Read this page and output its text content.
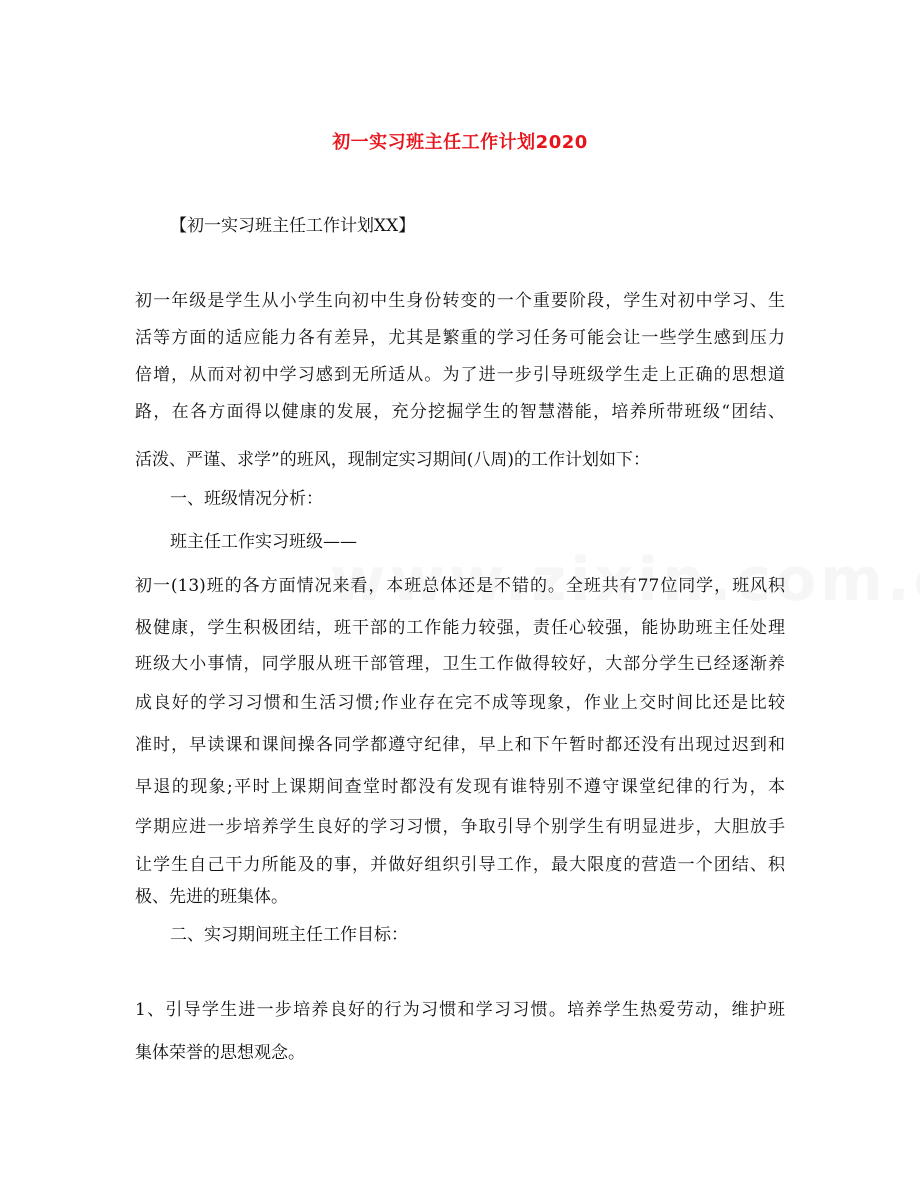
初一实习班主任工作计划2020
【初一实习班主任工作计划XX】
初一年级是学生从小学生向初中生身份转变的一个重要阶段，学生对初中学习、生
活等方面的适应能力各有差异，尤其是繁重的学习任务可能会让一些学生感到压力
倍增，从而对初中学习感到无所适从。为了进一步引导班级学生走上正确的思想道
路，在各方面得以健康的发展，充分挖掘学生的智慧潜能，培养所带班级“团结、
活泼、严谨、求学”的班风，现制定实习期间(八周)的工作计划如下：
一、班级情况分析：
班主任工作实习班级——
初一(13)班的各方面情况来看，本班总体还是不错的。全班共有77位同学，班风积
极健康，学生积极团结，班干部的工作能力较强，责任心较强，能协助班主任处理
班级大小事情，同学服从班干部管理，卫生工作做得较好，大部分学生已经逐渐养
成良好的学习习惯和生活习惯;作业存在完不成等现象，作业上交时间比还是比较
准时，早读课和课间操各同学都遵守纪律，早上和下午暂时都还没有出现过迟到和
早退的现象;平时上课期间查堂时都没有发现有谁特别不遵守课堂纪律的行为，本
学期应进一步培养学生良好的学习习惯，争取引导个别学生有明显进步，大胆放手
让学生自己干力所能及的事，并做好组织引导工作，最大限度的营造一个团结、积
极、先进的班集体。
二、实习期间班主任工作目标：
1、引导学生进一步培养良好的行为习惯和学习习惯。培养学生热爱劳动，维护班
集体荣誉的思想观念。
